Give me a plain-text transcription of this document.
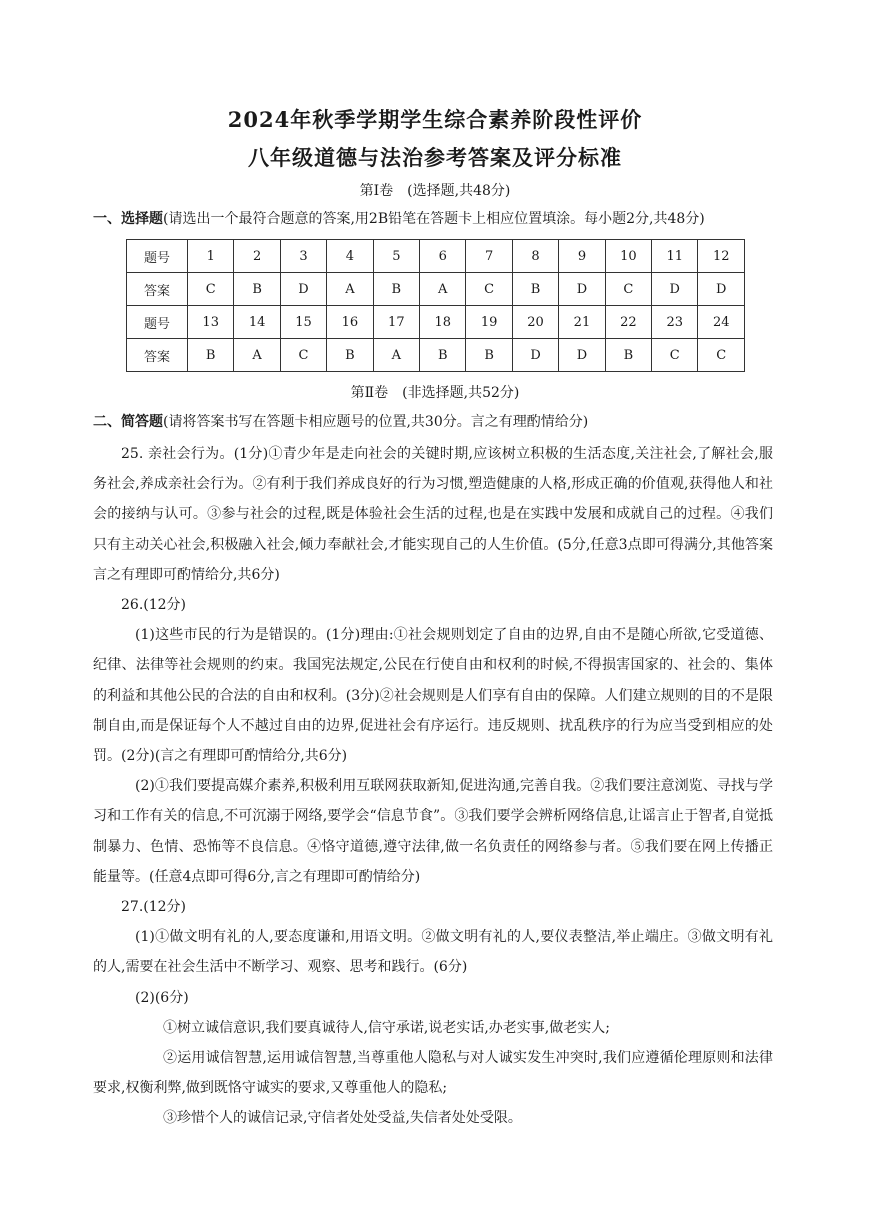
2024年秋季学期学生综合素养阶段性评价
八年级道德与法治参考答案及评分标准
第Ⅰ卷　(选择题,共48分)
一、选择题(请选出一个最符合题意的答案,用2B铅笔在答题卡上相应位置填涂。每小题2分,共48分)
题号	1	2	3	4	5	6	7	8	9	10	11	12
答案	C	B	D	A	B	A	C	B	D	C	D	D
题号	13	14	15	16	17	18	19	20	21	22	23	24
答案	B	A	C	B	A	B	B	D	D	B	C	C
第Ⅱ卷　(非选择题,共52分)
二、简答题(请将答案书写在答题卡相应题号的位置,共30分。言之有理酌情给分)

25. 亲社会行为。(1分)①青少年是走向社会的关键时期,应该树立积极的生活态度,关注社会,了解社会,服务社会,养成亲社会行为。②有利于我们养成良好的行为习惯,塑造健康的人格,形成正确的价值观,获得他人和社会的接纳与认可。③参与社会的过程,既是体验社会生活的过程,也是在实践中发展和成就自己的过程。④我们只有主动关心社会,积极融入社会,倾力奉献社会,才能实现自己的人生价值。(5分,任意3点即可得满分,其他答案言之有理即可酌情给分,共6分)

26.(12分)

(1)这些市民的行为是错误的。(1分)理由:①社会规则划定了自由的边界,自由不是随心所欲,它受道德、纪律、法律等社会规则的约束。我国宪法规定,公民在行使自由和权利的时候,不得损害国家的、社会的、集体的利益和其他公民的合法的自由和权利。(3分)②社会规则是人们享有自由的保障。人们建立规则的目的不是限制自由,而是保证每个人不越过自由的边界,促进社会有序运行。违反规则、扰乱秩序的行为应当受到相应的处罚。(2分)(言之有理即可酌情给分,共6分)

(2)①我们要提高媒介素养,积极利用互联网获取新知,促进沟通,完善自我。②我们要注意浏览、寻找与学习和工作有关的信息,不可沉溺于网络,要学会“信息节食”。③我们要学会辨析网络信息,让谣言止于智者,自觉抵制暴力、色情、恐怖等不良信息。④恪守道德,遵守法律,做一名负责任的网络参与者。⑤我们要在网上传播正能量等。(任意4点即可得6分,言之有理即可酌情给分)

27.(12分)

(1)①做文明有礼的人,要态度谦和,用语文明。②做文明有礼的人,要仪表整洁,举止端庄。③做文明有礼的人,需要在社会生活中不断学习、观察、思考和践行。(6分)

(2)(6分)

①树立诚信意识,我们要真诚待人,信守承诺,说老实话,办老实事,做老实人;

②运用诚信智慧,运用诚信智慧,当尊重他人隐私与对人诚实发生冲突时,我们应遵循伦理原则和法律要求,权衡利弊,做到既恪守诚实的要求,又尊重他人的隐私;

③珍惜个人的诚信记录,守信者处处受益,失信者处处受限。
